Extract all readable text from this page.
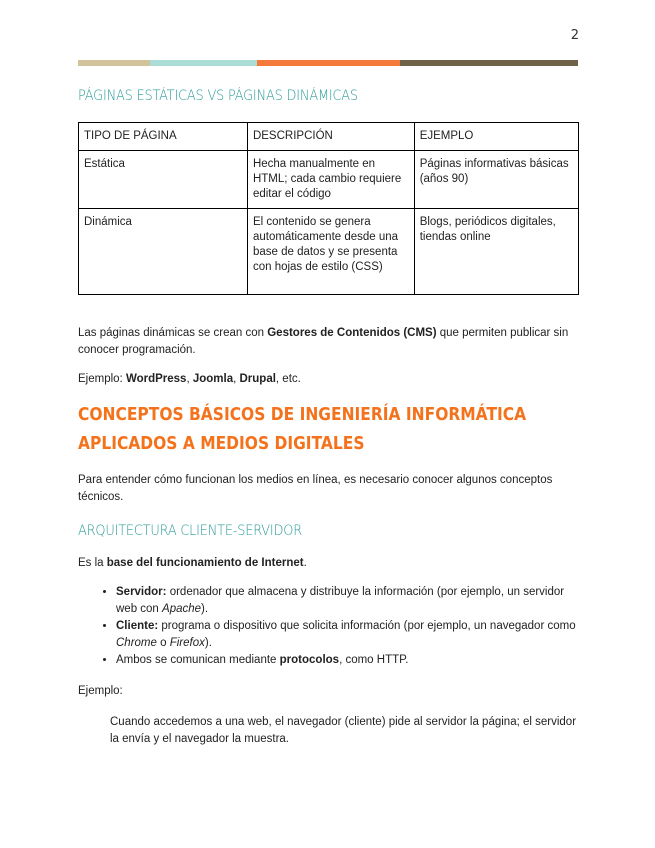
2
PÁGINAS ESTÁTICAS VS PÁGINAS DINÁMICAS
TIPO DE PÁGINA	DESCRIPCIÓN	EJEMPLO
Estática	Hecha manualmente en HTML; cada cambio requiere editar el código	Páginas informativas básicas (años 90)
Dinámica	El contenido se genera automáticamente desde una base de datos y se presenta con hojas de estilo (CSS)	Blogs, periódicos digitales, tiendas online

Las páginas dinámicas se crean con Gestores de Contenidos (CMS) que permiten publicar sin conocer programación.

Ejemplo: WordPress, Joomla, Drupal, etc.

CONCEPTOS BÁSICOS DE INGENIERÍA INFORMÁTICA APLICADOS A MEDIOS DIGITALES

Para entender cómo funcionan los medios en línea, es necesario conocer algunos conceptos técnicos.

ARQUITECTURA CLIENTE-SERVIDOR

Es la base del funcionamiento de Internet.

• Servidor: ordenador que almacena y distribuye la información (por ejemplo, un servidor web con Apache).
• Cliente: programa o dispositivo que solicita información (por ejemplo, un navegador como Chrome o Firefox).
• Ambos se comunican mediante protocolos, como HTTP.

Ejemplo:

Cuando accedemos a una web, el navegador (cliente) pide al servidor la página; el servidor la envía y el navegador la muestra.
